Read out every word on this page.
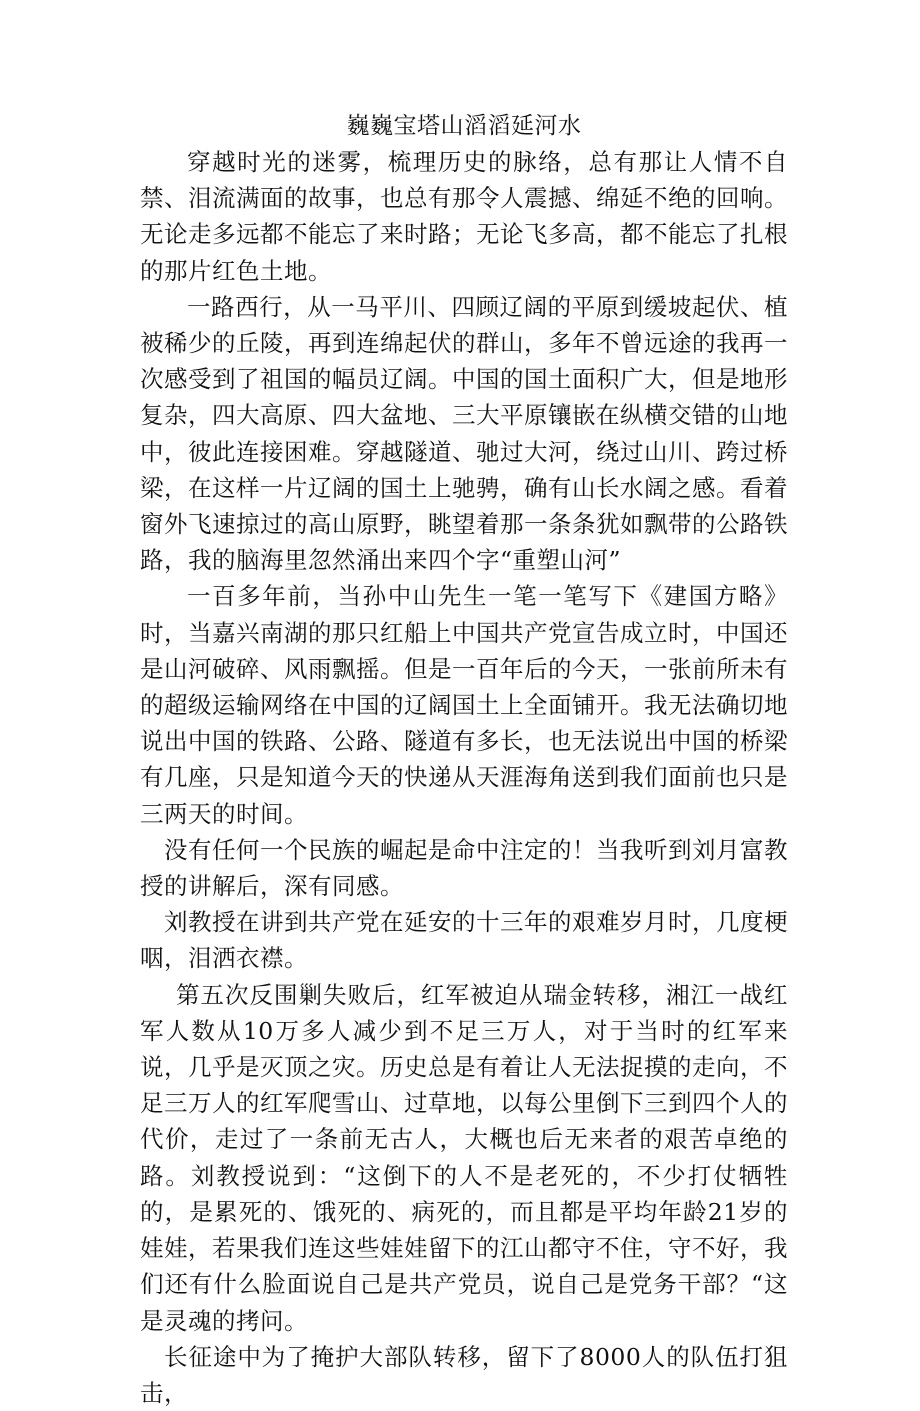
巍巍宝塔山滔滔延河水

穿越时光的迷雾，梳理历史的脉络，总有那让人情不自禁、泪流满面的故事，也总有那令人震撼、绵延不绝的回响。无论走多远都不能忘了来时路；无论飞多高，都不能忘了扎根的那片红色土地。

一路西行，从一马平川、四顾辽阔的平原到缓坡起伏、植被稀少的丘陵，再到连绵起伏的群山，多年不曾远途的我再一次感受到了祖国的幅员辽阔。中国的国土面积广大，但是地形复杂，四大高原、四大盆地、三大平原镶嵌在纵横交错的山地中，彼此连接困难。穿越隧道、驰过大河，绕过山川、跨过桥梁，在这样一片辽阔的国土上驰骋，确有山长水阔之感。看着窗外飞速掠过的高山原野，眺望着那一条条犹如飘带的公路铁路，我的脑海里忽然涌出来四个字“重塑山河”

一百多年前，当孙中山先生一笔一笔写下《建国方略》时，当嘉兴南湖的那只红船上中国共产党宣告成立时，中国还是山河破碎、风雨飘摇。但是一百年后的今天，一张前所未有的超级运输网络在中国的辽阔国土上全面铺开。我无法确切地说出中国的铁路、公路、隧道有多长，也无法说出中国的桥梁有几座，只是知道今天的快递从天涯海角送到我们面前也只是三两天的时间。

没有任何一个民族的崛起是命中注定的！当我听到刘月富教授的讲解后，深有同感。

刘教授在讲到共产党在延安的十三年的艰难岁月时，几度梗咽，泪洒衣襟。

第五次反围剿失败后，红军被迫从瑞金转移，湘江一战红军人数从10万多人减少到不足三万人，对于当时的红军来说，几乎是灭顶之灾。历史总是有着让人无法捉摸的走向，不足三万人的红军爬雪山、过草地，以每公里倒下三到四个人的代价，走过了一条前无古人，大概也后无来者的艰苦卓绝的路。刘教授说到：“这倒下的人不是老死的，不少打仗牺牲的，是累死的、饿死的、病死的，而且都是平均年龄21岁的娃娃，若果我们连这些娃娃留下的江山都守不住，守不好，我们还有什么脸面说自己是共产党员，说自己是党务干部？“这是灵魂的拷问。

长征途中为了掩护大部队转移，留下了8000人的队伍打狙击，
